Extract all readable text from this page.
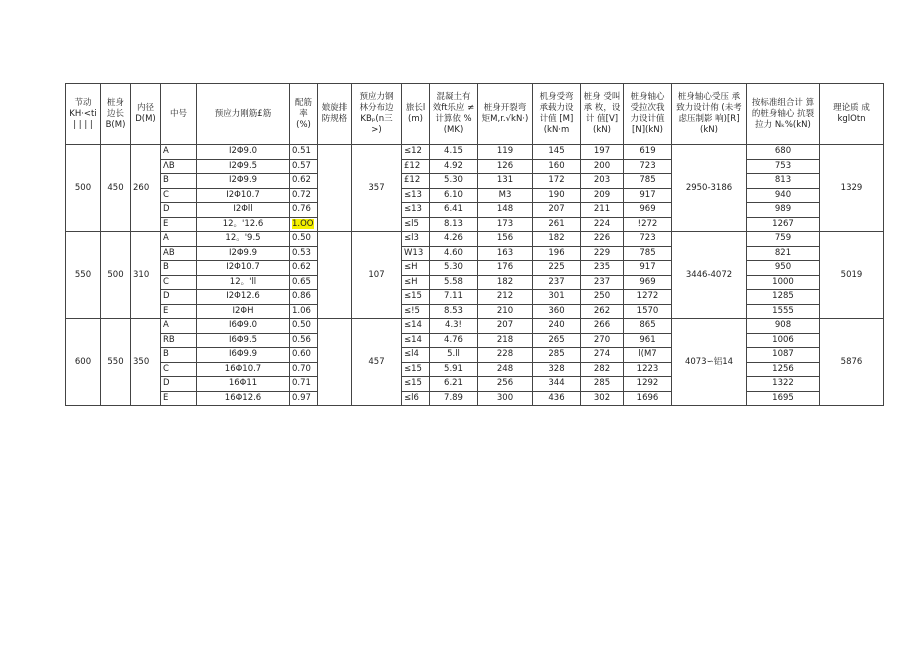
节动 KH·<ti | | | |	桩身 边长 B(M)	内径 D(M)	中号	预应力刚筋£筋	配筋 率(%)	娘旋排 防规格	预应力钢 林分布边 KBₚ(n三 >)	旅长l (m)	混凝土有 效ft乐应 ≠计算依 %(MK)	桩身开裂弯 矩M,r.√kN·)	机身受弯 承载力设 计值 [M](kN·m	桩身 受叫承 枚，设计 值[V](kN)	桩身轴心 受拉次我 力设计值 [N](kN)	桩身轴心受压 承致力设计侑 (未考虑压制影 响)[R](kN)	按标准组合计 算的桩身轴心 抗裂拉力 Nₖ%(kN)	理论质 成kglOtn
500	450	260	A	I2Φ9.0	0.51		357	≤12	4.15	119	145	197	619	2950-3186	680	1329
			ΛB	I2Φ9.5	0.57			£12	4.92	126	160	200	723		753	
			B	I2Φ9.9	0.62			£12	5.30	131	172	203	785		813	
			C	I2Φ10.7	0.72			≤13	6.10	M3	190	209	917		940	
			D	I2Φll	0.76			≤13	6.41	148	207	211	969		989	
			E	12。'12.6	1.OO			≤l5	8.13	173	261	224	!272		1267	
550	500	310	A	12。'9.5	0.50		107	≤l3	4.26	156	182	226	723	3446-4072	759	5019
			AB	I2Φ9.9	0.53			W13	4.60	163	196	229	785		821	
			B	I2Φ10.7	0.62			≤H	5.30	176	225	235	917		950	
			C	12。'll	0.65			≤H	5.58	182	237	237	969		1000	
			D	I2Φ12.6	0.86			≤15	7.11	212	301	250	1272		1285	
			E	I2ΦH	1.06			≤!5	8.53	210	360	262	1570		1555	
600	550	350	A	I6Φ9.0	0.50		457	≤14	4.3!	207	240	266	865	4073∽铝14	908	5876
			RB	I6Φ9.5	0.56			≤14	4.76	218	265	270	961		1006	
			B	I6Φ9.9	0.60			≤l4	5.ll	228	285	274	l(M7		1087	
			C	16Φ10.7	0.70			≤15	5.91	248	328	282	1223		1256	
			D	16Φ11	0.71			≤15	6.21	256	344	285	1292		1322	
			E	16Φ12.6	0.97			≤l6	7.89	300	436	302	1696		1695	
